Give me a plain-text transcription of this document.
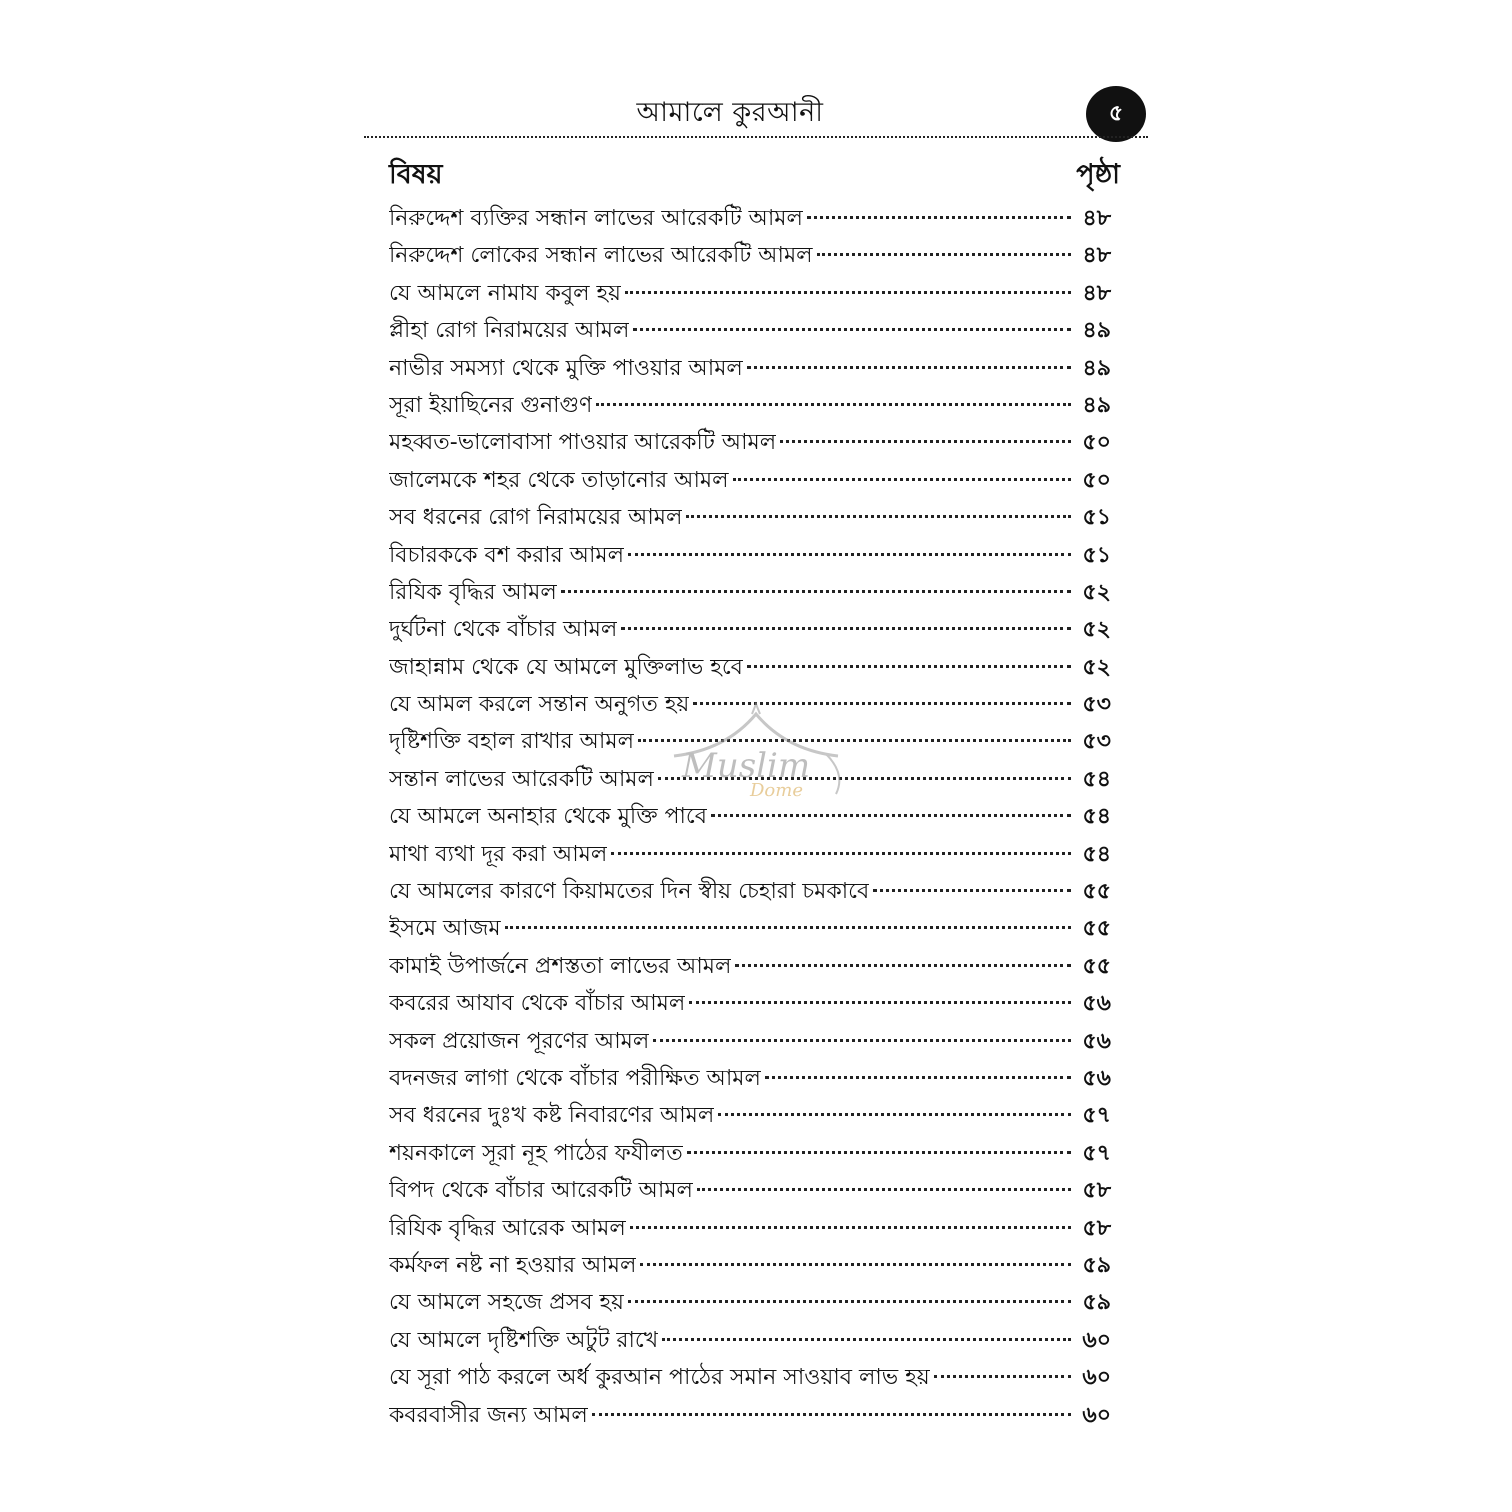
আমালে কুরআনী	৫
বিষয়	পৃষ্ঠা
নিরুদ্দেশ ব্যক্তির সন্ধান লাভের আরেকটি আমল	৪৮
নিরুদ্দেশ লোকের সন্ধান লাভের আরেকটি আমল	৪৮
যে আমলে নামায কবুল হয়	৪৮
প্লীহা রোগ নিরাময়ের আমল	৪৯
নাভীর সমস্যা থেকে মুক্তি পাওয়ার আমল	৪৯
সূরা ইয়াছিনের গুনাগুণ	৪৯
মহব্বত-ভালোবাসা পাওয়ার আরেকটি আমল	৫০
জালেমকে শহর থেকে তাড়ানোর আমল	৫০
সব ধরনের রোগ নিরাময়ের আমল	৫১
বিচারককে বশ করার আমল	৫১
রিযিক বৃদ্ধির আমল	৫২
দুর্ঘটনা থেকে বাঁচার আমল	৫২
জাহান্নাম থেকে যে আমলে মুক্তিলাভ হবে	৫২
যে আমল করলে সন্তান অনুগত হয়	৫৩
দৃষ্টিশক্তি বহাল রাখার আমল	৫৩
সন্তান লাভের আরেকটি আমল	৫৪
যে আমলে অনাহার থেকে মুক্তি পাবে	৫৪
মাথা ব্যথা দূর করা আমল	৫৪
যে আমলের কারণে কিয়ামতের দিন স্বীয় চেহারা চমকাবে	৫৫
ইসমে আজম	৫৫
কামাই উপার্জনে প্রশস্ততা লাভের আমল	৫৫
কবরের আযাব থেকে বাঁচার আমল	৫৬
সকল প্রয়োজন পূরণের আমল	৫৬
বদনজর লাগা থেকে বাঁচার পরীক্ষিত আমল	৫৬
সব ধরনের দুঃখ কষ্ট নিবারণের আমল	৫৭
শয়নকালে সূরা নূহ পাঠের ফযীলত	৫৭
বিপদ থেকে বাঁচার আরেকটি আমল	৫৮
রিযিক বৃদ্ধির আরেক আমল	৫৮
কর্মফল নষ্ট না হওয়ার আমল	৫৯
যে আমলে সহজে প্রসব হয়	৫৯
যে আমলে দৃষ্টিশক্তি অটুট রাখে	৬০
যে সূরা পাঠ করলে অর্ধ কুরআন পাঠের সমান সাওয়াব লাভ হয়	৬০
কবরবাসীর জন্য আমল	৬০
Muslim
Dome
